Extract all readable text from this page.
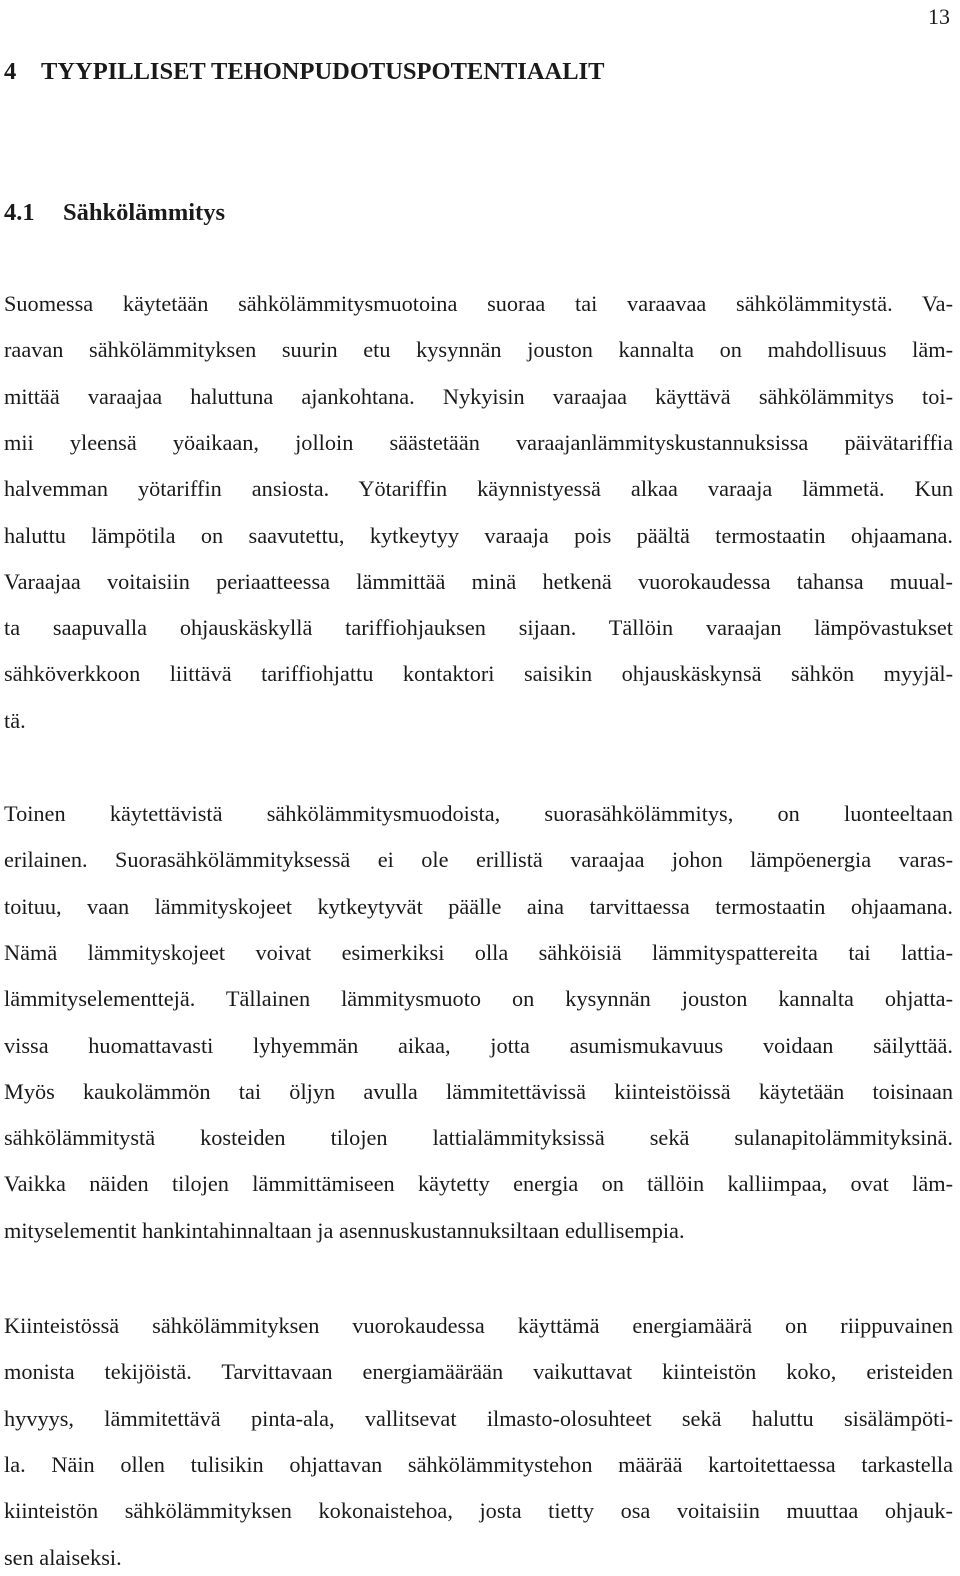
13
4 TYYPILLISET TEHONPUDOTUSPOTENTIAALIT
4.1 Sähkölämmitys
Suomessa käytetään sähkölämmitysmuotoina suoraa tai varaavaa sähkölämmitystä. Va-
raavan sähkölämmityksen suurin etu kysynnän jouston kannalta on mahdollisuus läm-
mittää varaajaa haluttuna ajankohtana. Nykyisin varaajaa käyttävä sähkölämmitys toi-
mii yleensä yöaikaan, jolloin säästetään varaajanlämmityskustannuksissa päivätariffia
halvemman yötariffin ansiosta. Yötariffin käynnistyessä alkaa varaaja lämmetä. Kun
haluttu lämpötila on saavutettu, kytkeytyy varaaja pois päältä termostaatin ohjaamana.
Varaajaa voitaisiin periaatteessa lämmittää minä hetkenä vuorokaudessa tahansa muual-
ta saapuvalla ohjauskäskyllä tariffiohjauksen sijaan. Tällöin varaajan lämpövastukset
sähköverkkoon liittävä tariffiohjattu kontaktori saisikin ohjauskäskynsä sähkön myyjäl-
tä.
Toinen käytettävistä sähkölämmitysmuodoista, suorasähkölämmitys, on luonteeltaan
erilainen. Suorasähkölämmityksessä ei ole erillistä varaajaa johon lämpöenergia varas-
toituu, vaan lämmityskojeet kytkeytyvät päälle aina tarvittaessa termostaatin ohjaamana.
Nämä lämmityskojeet voivat esimerkiksi olla sähköisiä lämmityspattereita tai lattia-
lämmityselementtejä. Tällainen lämmitysmuoto on kysynnän jouston kannalta ohjatta-
vissa huomattavasti lyhyemmän aikaa, jotta asumismukavuus voidaan säilyttää.
Myös kaukolämmön tai öljyn avulla lämmitettävissä kiinteistöissä käytetään toisinaan
sähkölämmitystä kosteiden tilojen lattialämmityksissä sekä sulanapitolämmityksinä.
Vaikka näiden tilojen lämmittämiseen käytetty energia on tällöin kalliimpaa, ovat läm-
mityselementit hankintahinnaltaan ja asennuskustannuksiltaan edullisempia.
Kiinteistössä sähkölämmityksen vuorokaudessa käyttämä energiamäärä on riippuvainen
monista tekijöistä. Tarvittavaan energiamäärään vaikuttavat kiinteistön koko, eristeiden
hyvyys, lämmitettävä pinta-ala, vallitsevat ilmasto-olosuhteet sekä haluttu sisälämpöti-
la. Näin ollen tulisikin ohjattavan sähkölämmitystehon määrää kartoitettaessa tarkastella
kiinteistön sähkölämmityksen kokonaistehoa, josta tietty osa voitaisiin muuttaa ohjauk-
sen alaiseksi.
